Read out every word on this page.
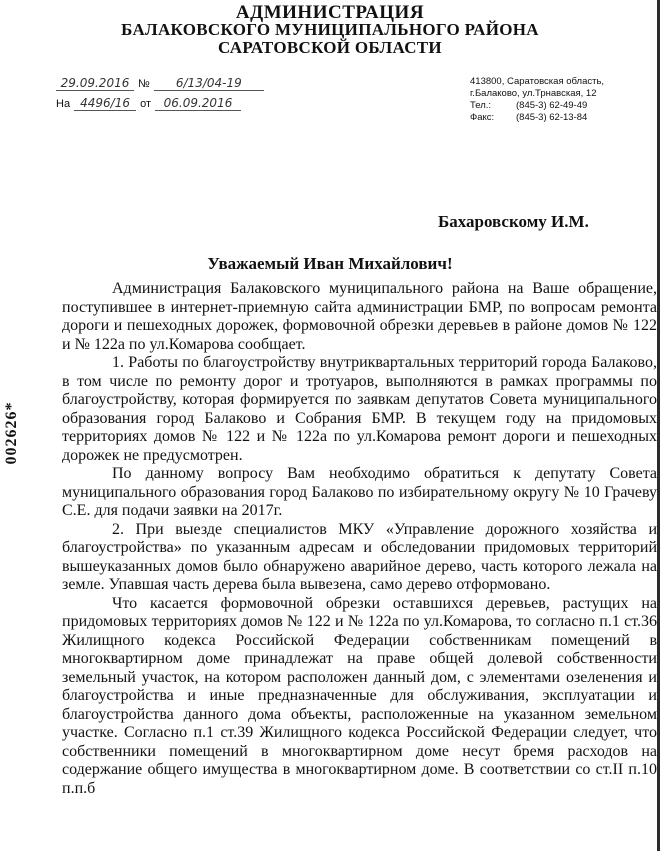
АДМИНИСТРАЦИЯ
БАЛАКОВСКОГО МУНИЦИПАЛЬНОГО РАЙОНА
САРАТОВСКОЙ ОБЛАСТИ
29.09.2016 № 6/13/04-19
На 4496/16 от 06.09.2016
413800, Саратовская область,
г.Балаково, ул.Трнавская, 12
Тел.:	(845-3) 62-49-49
Факс: (845-3) 62-13-84
002626*
Бахаровскому И.М.
Уважаемый Иван Михайлович!

Администрация Балаковского муниципального района на Ваше обращение, поступившее в интернет-приемную сайта администрации БМР, по вопросам ремонта дороги и пешеходных дорожек, формовочной обрезки деревьев в районе домов № 122 и № 122а по ул.Комарова сообщает.

1. Работы по благоустройству внутриквартальных территорий города Балаково, в том числе по ремонту дорог и тротуаров, выполняются в рамках программы по благоустройству, которая формируется по заявкам депутатов Совета муниципального образования город Балаково и Собрания БМР. В текущем году на придомовых территориях домов № 122 и № 122а по ул.Комарова ремонт дороги и пешеходных дорожек не предусмотрен.

По данному вопросу Вам необходимо обратиться к депутату Совета муниципального образования город Балаково по избирательному округу № 10 Грачеву С.Е. для подачи заявки на 2017г.

2. При выезде специалистов МКУ «Управление дорожного хозяйства и благоустройства» по указанным адресам и обследовании придомовых территорий вышеуказанных домов было обнаружено аварийное дерево, часть которого лежала на земле. Упавшая часть дерева была вывезена, само дерево отформовано.

Что касается формовочной обрезки оставшихся деревьев, растущих на придомовых территориях домов № 122 и № 122а по ул.Комарова, то согласно п.1 ст.36 Жилищного кодекса Российской Федерации собственникам помещений в многоквартирном доме принадлежат на праве общей долевой собственности земельный участок, на котором расположен данный дом, с элементами озеленения и благоустройства и иные предназначенные для обслуживания, эксплуатации и благоустройства данного дома объекты, расположенные на указанном земельном участке. Согласно п.1 ст.39 Жилищного кодекса Российской Федерации следует, что собственники помещений в многоквартирном доме несут бремя расходов на содержание общего имущества в многоквартирном доме. В соответствии со ст.II п.10 п.п.б
